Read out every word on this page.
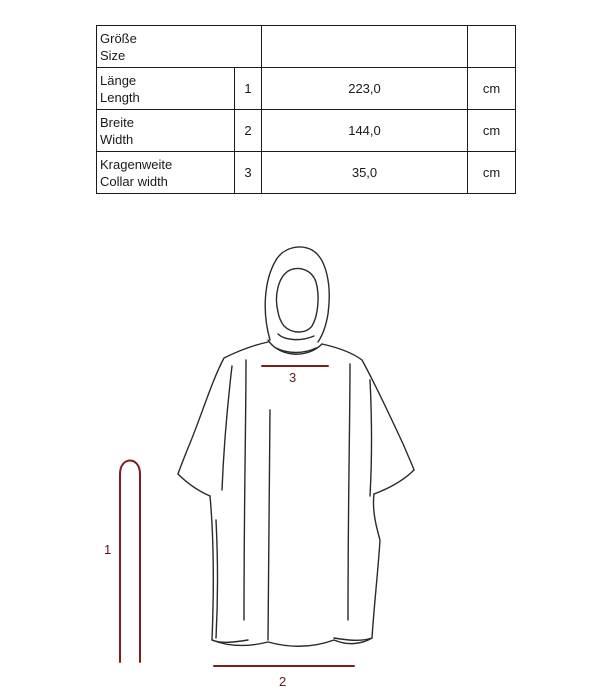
Größe
Size			

Länge
Length	1	223,0	cm

Breite
Width	2	144,0	cm

Kragenweite
Collar width	3	35,0	cm
1
3
2
